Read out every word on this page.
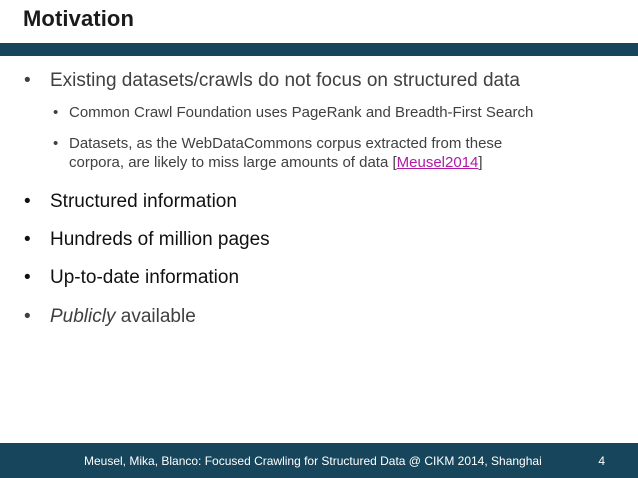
Motivation
• Existing datasets/crawls do not focus on structured data
• Common Crawl Foundation uses PageRank and Breadth-First Search
• Datasets, as the WebDataCommons corpus extracted from these
corpora, are likely to miss large amounts of data [Meusel2014]
• Structured information
• Hundreds of million pages
• Up-to-date information
• Publicly available
Meusel, Mika, Blanco: Focused Crawling for Structured Data @ CIKM 2014, Shanghai	4
